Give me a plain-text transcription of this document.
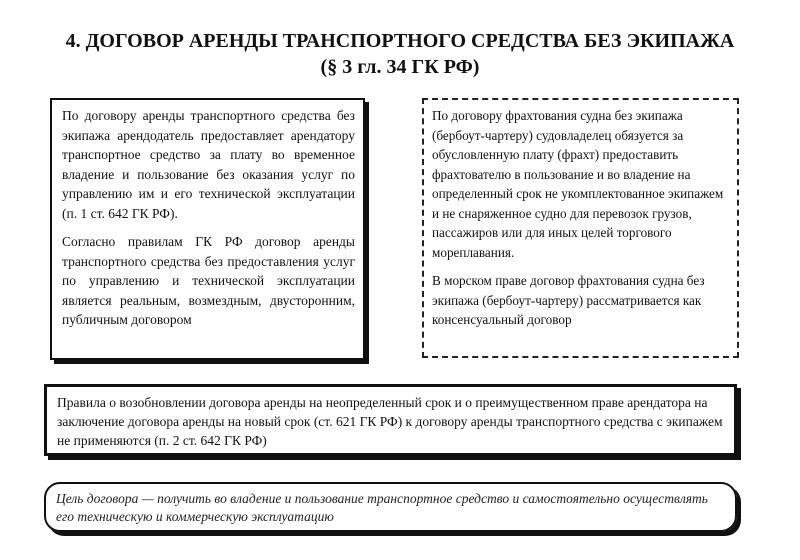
4. ДОГОВОР АРЕНДЫ ТРАНСПОРТНОГО СРЕДСТВА БЕЗ ЭКИПАЖА
(§ 3 гл. 34 ГК РФ)

По договору аренды транспортного средства без экипажа арендодатель предоставляет арендатору транспортное средство за плату во временное владение и пользование без оказания услуг по управлению им и его технической эксплуатации (п. 1 ст. 642 ГК РФ).

Согласно правилам ГК РФ договор аренды транспортного средства без предоставления услуг по управлению и технической эксплуатации является реальным, возмездным, двусторонним, публичным договором

По договору фрахтования судна без экипажа (бербоут-чартеру) судовладелец обязуется за обусловленную плату (фрахт) предоставить фрахтователю в пользование и во владение на определенный срок не укомплектованное экипажем и не снаряженное судно для перевозок грузов, пассажиров или для иных целей торгового мореплавания.

В морском праве договор фрахтования судна без экипажа (бербоут-чартеру) рассматривается как консенсуальный договор

Правила о возобновлении договора аренды на неопределенный срок и о преимущественном праве арендатора на заключение договора аренды на новый срок (ст. 621 ГК РФ) к договору аренды транспортного средства с экипажем не применяются (п. 2 ст. 642 ГК РФ)

Цель договора — получить во владение и пользование транспортное средство и самостоятельно осуществлять его техническую и коммерческую эксплуатацию
